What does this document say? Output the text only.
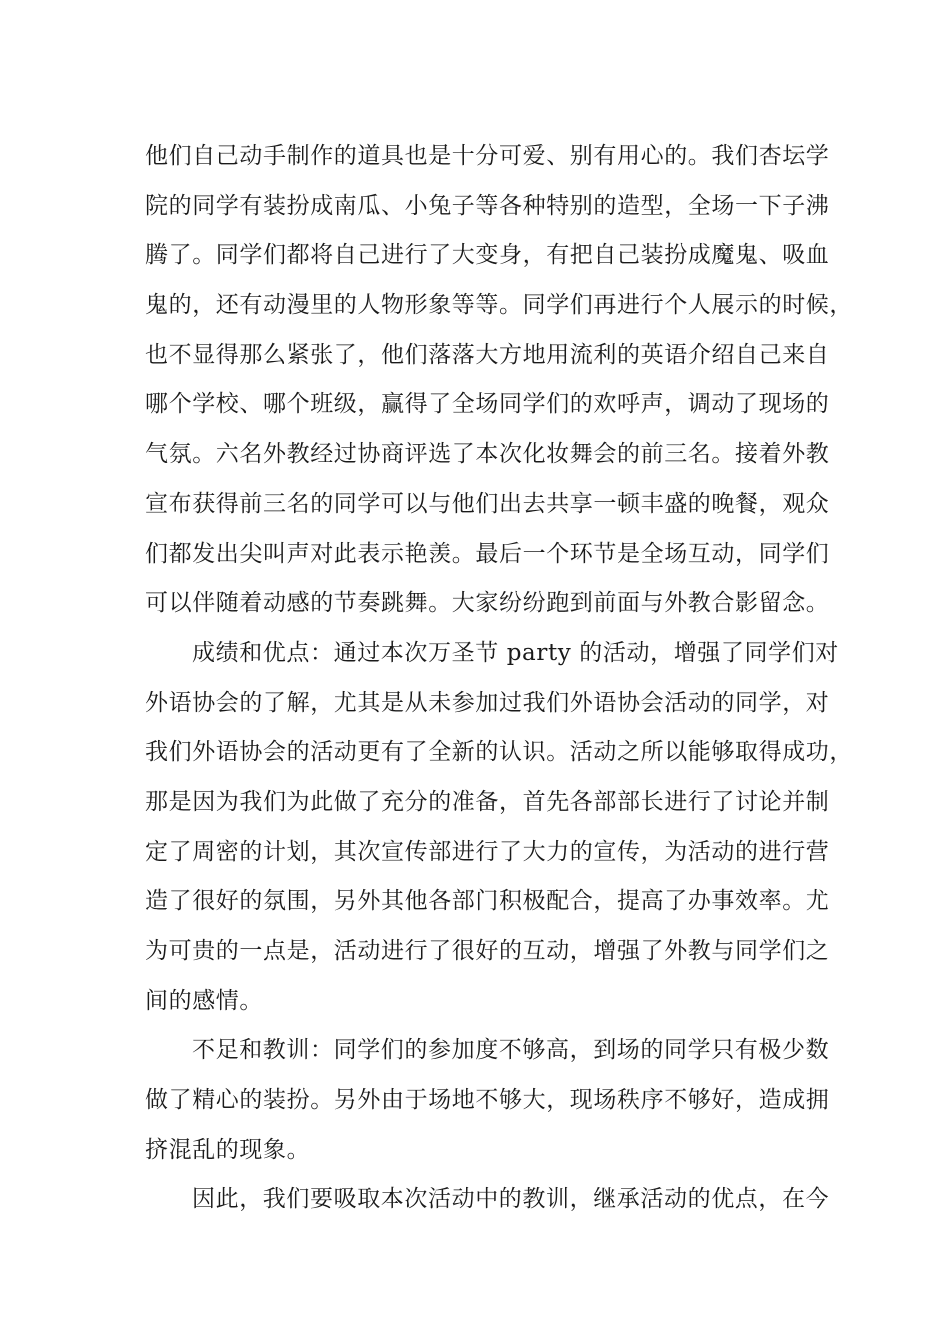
他们自己动手制作的道具也是十分可爱、别有用心的。我们杏坛学
院的同学有装扮成南瓜、小兔子等各种特别的造型，全场一下子沸
腾了。同学们都将自己进行了大变身，有把自己装扮成魔鬼、吸血
鬼的，还有动漫里的人物形象等等。同学们再进行个人展示的时候，
也不显得那么紧张了，他们落落大方地用流利的英语介绍自己来自
哪个学校、哪个班级，赢得了全场同学们的欢呼声，调动了现场的
气氛。六名外教经过协商评选了本次化妆舞会的前三名。接着外教
宣布获得前三名的同学可以与他们出去共享一顿丰盛的晚餐，观众
们都发出尖叫声对此表示艳羡。最后一个环节是全场互动，同学们
可以伴随着动感的节奏跳舞。大家纷纷跑到前面与外教合影留念。
成绩和优点：通过本次万圣节 party 的活动，增强了同学们对
外语协会的了解，尤其是从未参加过我们外语协会活动的同学，对
我们外语协会的活动更有了全新的认识。活动之所以能够取得成功，
那是因为我们为此做了充分的准备，首先各部部长进行了讨论并制
定了周密的计划，其次宣传部进行了大力的宣传，为活动的进行营
造了很好的氛围，另外其他各部门积极配合，提高了办事效率。尤
为可贵的一点是，活动进行了很好的互动，增强了外教与同学们之
间的感情。
不足和教训：同学们的参加度不够高，到场的同学只有极少数
做了精心的装扮。另外由于场地不够大，现场秩序不够好，造成拥
挤混乱的现象。
因此，我们要吸取本次活动中的教训，继承活动的优点，在今
